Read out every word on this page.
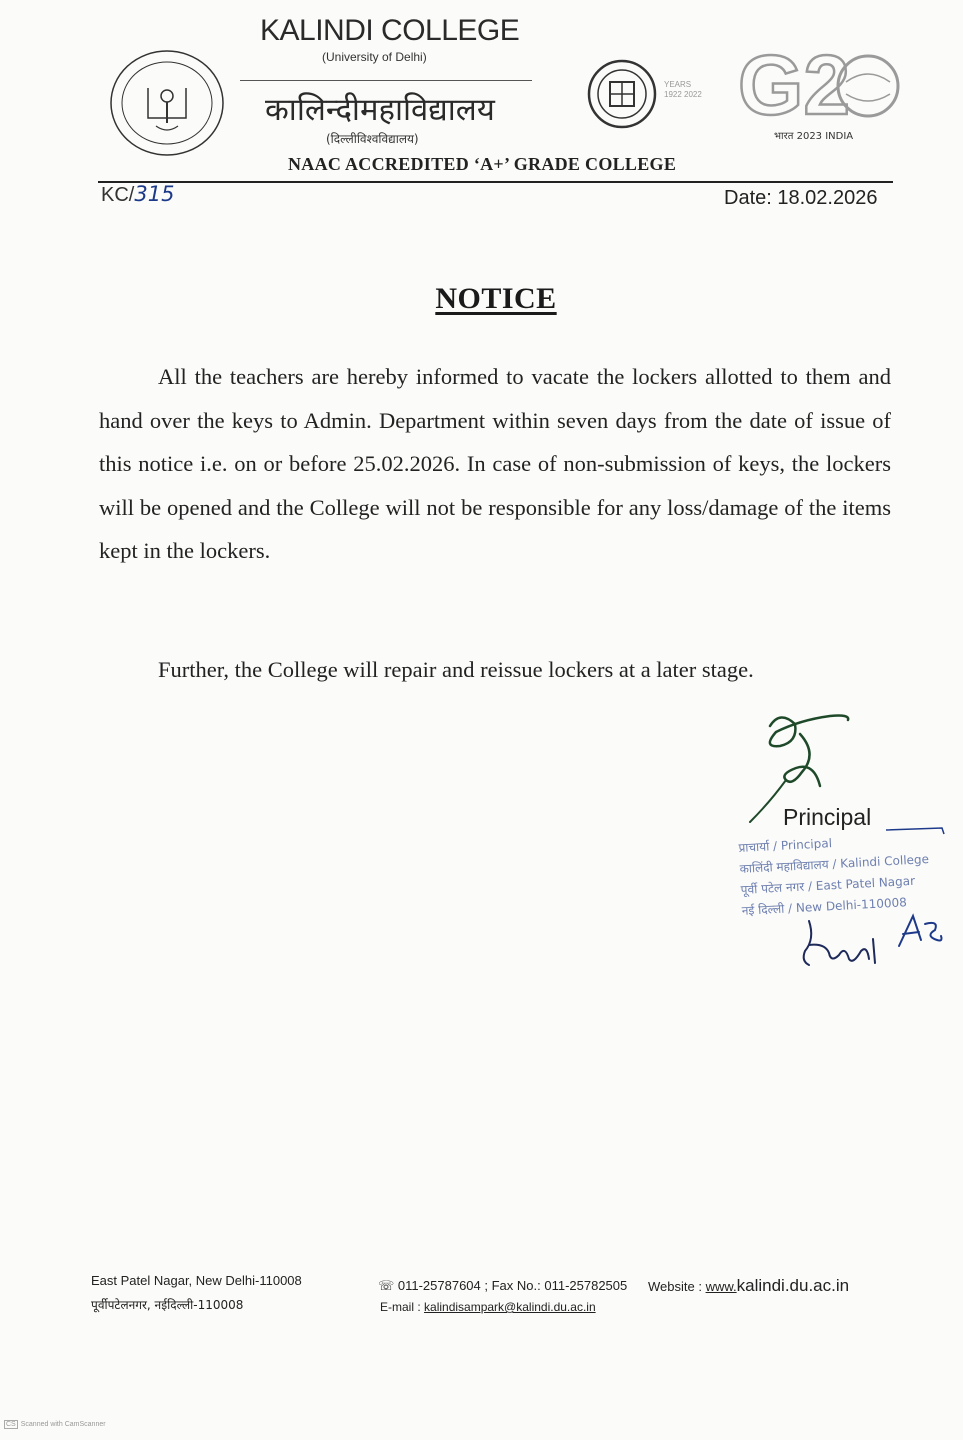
KALINDI COLLEGE
(University of Delhi)
कालिन्दीमहाविद्यालय
(दिल्लीविश्वविद्यालय)
NAAC ACCREDITED ‘A+’ GRADE COLLEGE
YEARS
1922 2022 G2
भारत 2023 INDIA
KC/315	Date: 18.02.2026
NOTICE
All the teachers are hereby informed to vacate the lockers allotted to them and hand over the keys to Admin. Department within seven days from the date of issue of this notice i.e. on or before 25.02.2026. In case of non-submission of keys, the lockers will be opened and the College will not be responsible for any loss/damage of the items kept in the lockers.
Further, the College will repair and reissue lockers at a later stage.
Principal
प्राचार्या / Principal
कालिंदी महाविद्यालय / Kalindi College
पूर्वी पटेल नगर / East Patel Nagar
नई दिल्ली / New Delhi-110008
East Patel Nagar, New Delhi-110008
पूर्वीपटेलनगर, नईदिल्ली-110008
☏ 011-25787604 ; Fax No.: 011-25782505
E-mail : kalindisampark@kalindi.du.ac.in
Website : www.kalindi.du.ac.in
CS Scanned with CamScanner
